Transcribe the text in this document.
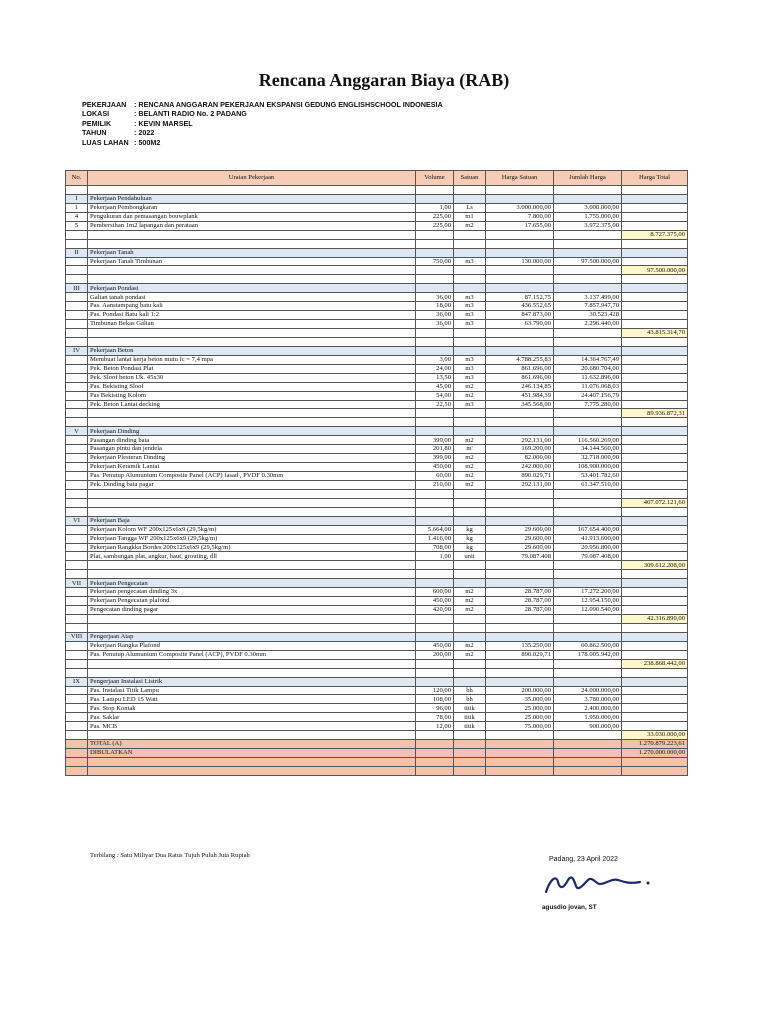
Rencana Anggaran Biaya (RAB)
PEKERJAAN	: RENCANA ANGGARAN PEKERJAAN EKSPANSI GEDUNG ENGLISHSCHOOL INDONESIA
LOKASI	: BELANTI RADIO No. 2 PADANG
PEMILIK	: KEVIN MARSEL
TAHUN	: 2022
LUAS LAHAN : 500M2
No.	Uraian Pekerjaan	Volume	Satuan	Harga Satuan	Jumlah Harga	Harga Total

I	Pekerjaan Pendahuluan					
1	Pekerjaan Pembongkaran	1,00	Ls	3.000.000,00	3.000.000,00	
4	Pengukuran dan pemasangan bouwplank	225,00	m1	7.800,00	1.755.000,00	
5	Pembersihan 1m2 lapangan dan perataan	225,00	m2	17.655,00	3.972.375,00	
						8.727.375,00

II	Pekerjaan Tanah					
	Pekerjaan Tanah Timbunan	750,00	m3	130.000,00	97.500.000,00	
						97.500.000,00

III	Pekerjaan Pondasi					
	Galian tanah pondasi	36,00	m3	87.152,75	3.137.499,00	
	Pas. Aanstampang batu kali	18,00	m3	436.552,65	7.857.947,70	
	Pas. Pondasi Batu kali 1:2	36,00	m3	847.873,00	30.523.428	
	Timbunan Bekas Galian	36,00	m3	63.790,00	2.296.440,00	
						43.815.314,70

IV	Pekerjaan Beton					
	Membuat lantai kerja beton mutu fc = 7,4 mpa	3,00	m3	4.788.255,83	14.364.767,49	
	Pek. Beton Pondasi Plat	24,00	m3	861.696,00	20.680.704,00	
	Pek. Sloof beton Uk. 45x30	13,50	m3	861.696,00	11.632.896,00	
	Pas. Bekisting Sloof	45,00	m2	246.134,85	11.076.068,03	
	Pas Bekisting Kolom	54,00	m2	451.984,39	24.407.156,79	
	Pek. Beton Lantai decking	22,50	m3	345.568,00	7.775.280,00	
						89.936.872,31

V	Pekerjaan Dinding					
	Pasangan dinding bata	399,00	m2	292.131,00	116.560.269,00	
	Pasangan pintu dan jendela	201,80	m'	169.200,00	34.144.560,00	
	Pekerjaan Plesteran Dinding	399,00	m2	82.000,00	32.718.000,00	
	Pekerjaan Keramik Lantai	450,00	m2	242.000,00	108.900.000,00	
	Pas. Penutup Alumunium Composite Panel (ACP) fasad , PVDF 0.30mm	60,00	m2	890.029,71	53.401.782,60	
	Pek. Dinding bata pagar	210,00	m2	292.131,00	61.347.510,00	

						407.072.121,60

VI	Pekerjaan Baja					
	Pekerjaan Kolom WF 200x125x6x9 (29,5kg/m)	5.664,00	kg	29.600,00	167.654.400,00	
	Pekerjaan Tangga WF 200x125x6x9 (29,5kg/m)	1.416,00	kg	29.600,00	41.913.600,00	
	Pekerjaan Rangkka Bordes 200x125x6x9 (29,5kg/m)	708,00	kg	29.600,00	20.956.800,00	
	Plat, sambungan plat, angkur, baut, grouting, dll	1,00	unit	79.087.408	79.087.408,00	
						309.612.208,00

VII	Pekerjaan Pengecatan					
	Pekerjaan pengecatan dinding 3x	600,00	m2	28.787,00	17.272.200,00	
	Pekerjaan Pengecatan plafond	450,00	m2	28.787,00	12.954.150,00	
	Pengecatan dinding pagar	420,00	m2	28.787,00	12.090.540,00	
						42.316.890,00

VIII	Pengerjaan Atap					
	Pekerjaan Rangka Plafond	450,00	m2	135.250,00	60.862.500,00	
	Pas. Penutup Alumunium Composite Panel (ACP), PVDF 0.30mm	200,00	m2	890.029,71	178.005.942,00	
						238.868.442,00

IX	Pengerjaan Instalasi Listrik					
	Pas. Instalasi Titik Lampu	120,00	bh	200.000,00	24.000.000,00	
	Pas. Lampu LED 15 Watt	108,00	bh	35.000,00	3.780.000,00	
	Pas. Stop Kontak	96,00	titik	25.000,00	2.400.000,00	
	Pas. Saklar	78,00	titik	25.000,00	1.950.000,00	
	Pas. MCB	12,00	titik	75.000,00	900.000,00	
						33.030.000,00
	TOTAL (A)					1.270.879.223,61
	DIBULATKAN					1.270.000.000,00

Terbilang : Satu Miliyar Dua Ratus Tujuh Puluh Juta Rupiah
Padang, 23 April 2022
agusdio jovan, ST
